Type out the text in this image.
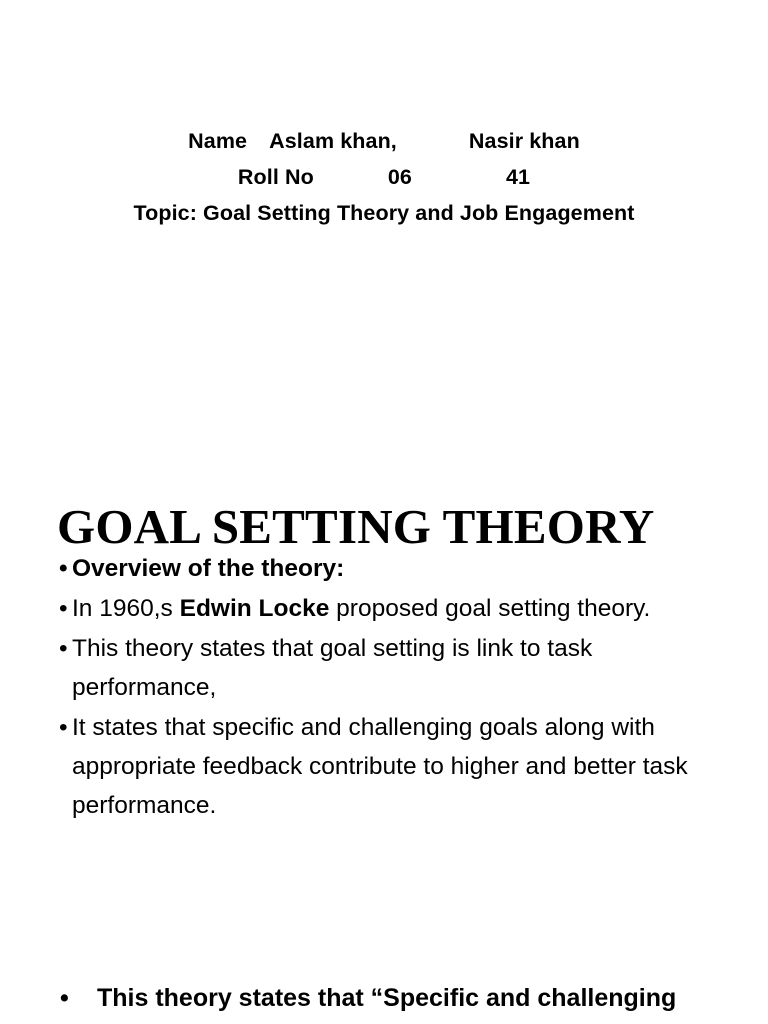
Name Aslam khan,	Nasir khan
Roll No	06	41
Topic: Goal Setting Theory and Job Engagement
GOAL SETTING THEORY
• Overview of the theory:
• In 1960,s Edwin Locke proposed goal setting theory.
• This theory states that goal setting is link to task performance,
• It states that specific and challenging goals along with appropriate feedback contribute to higher and better task performance.
• This theory states that “Specific and challenging
